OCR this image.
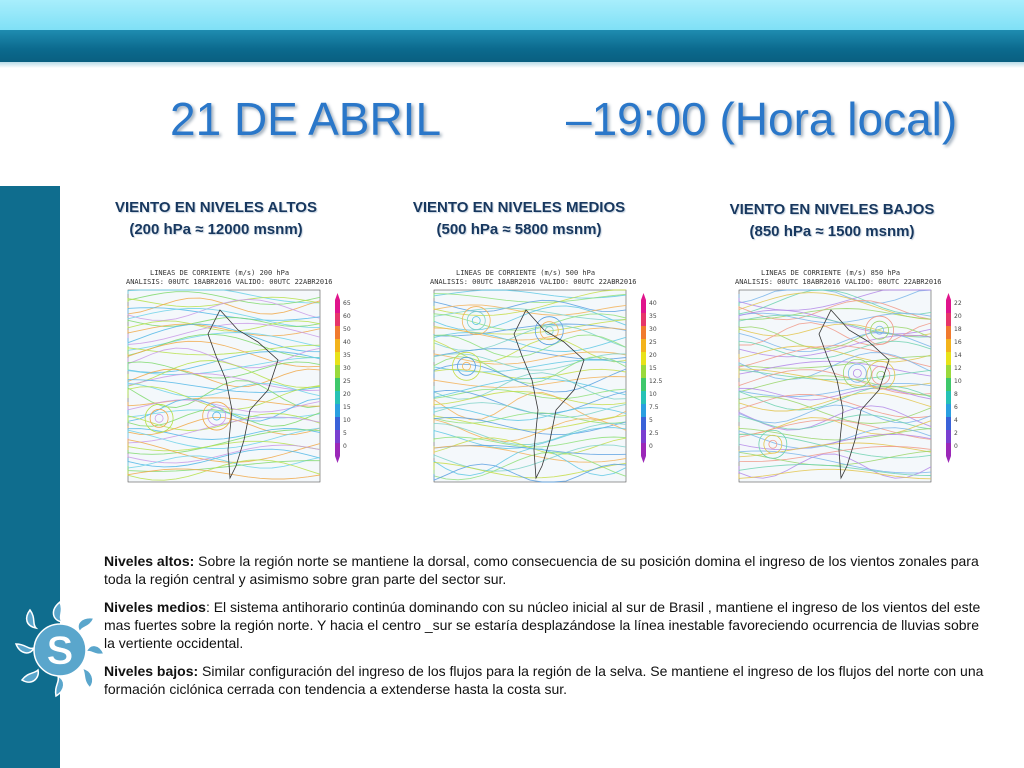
21 DE ABRIL	–19:00 (Hora local)
VIENTO EN NIVELES ALTOS
(200 hPa ≈ 12000 msnm)
VIENTO EN NIVELES MEDIOS
(500 hPa ≈ 5800 msnm)
VIENTO EN NIVELES BAJOS
(850 hPa ≈ 1500 msnm)
LINEAS DE CORRIENTE (m/s) 200 hPa
ANALISIS: 00UTC 18ABR2016 VALIDO: 00UTC 22ABR2016
65
60
50
40
35
30
25
20
15
10
5
0
LINEAS DE CORRIENTE (m/s) 500 hPa
ANALISIS: 00UTC 18ABR2016 VALIDO: 00UTC 22ABR2016
40
35
30
25
20
15
12.5
10
7.5
5
2.5
0
LINEAS DE CORRIENTE (m/s) 850 hPa
ANALISIS: 00UTC 18ABR2016 VALIDO: 00UTC 22ABR2016
22
20
18
16
14
12
10
8
6
4
2
0

Niveles altos: Sobre la región norte se mantiene la dorsal, como consecuencia de su posición domina el ingreso de los vientos zonales para toda la región central y asimismo sobre gran parte del sector sur.

Niveles medios: El sistema antihorario continúa dominando con su núcleo inicial al sur de Brasil , mantiene el ingreso de los vientos del este mas fuertes sobre la región norte. Y hacia el centro _sur se estaría desplazándose la línea inestable favoreciendo ocurrencia de lluvias sobre la vertiente occidental.

Niveles bajos: Similar configuración del ingreso de los flujos para la región de la selva. Se mantiene el ingreso de los flujos del norte con una formación ciclónica cerrada con tendencia a extenderse hasta la costa sur.

S
